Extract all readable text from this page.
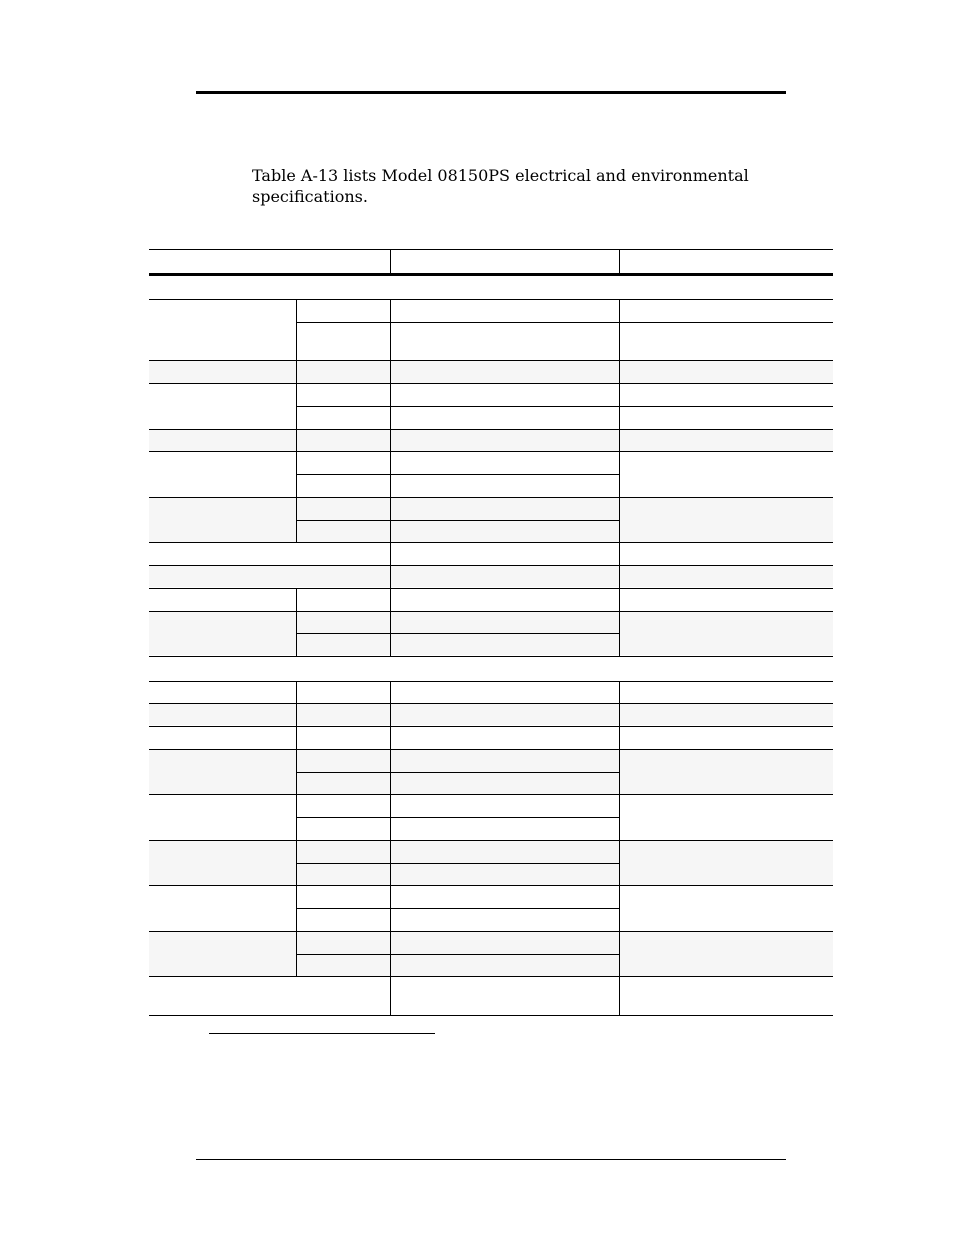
Table A-13 lists Model 08150PS electrical and environmental specifications.
